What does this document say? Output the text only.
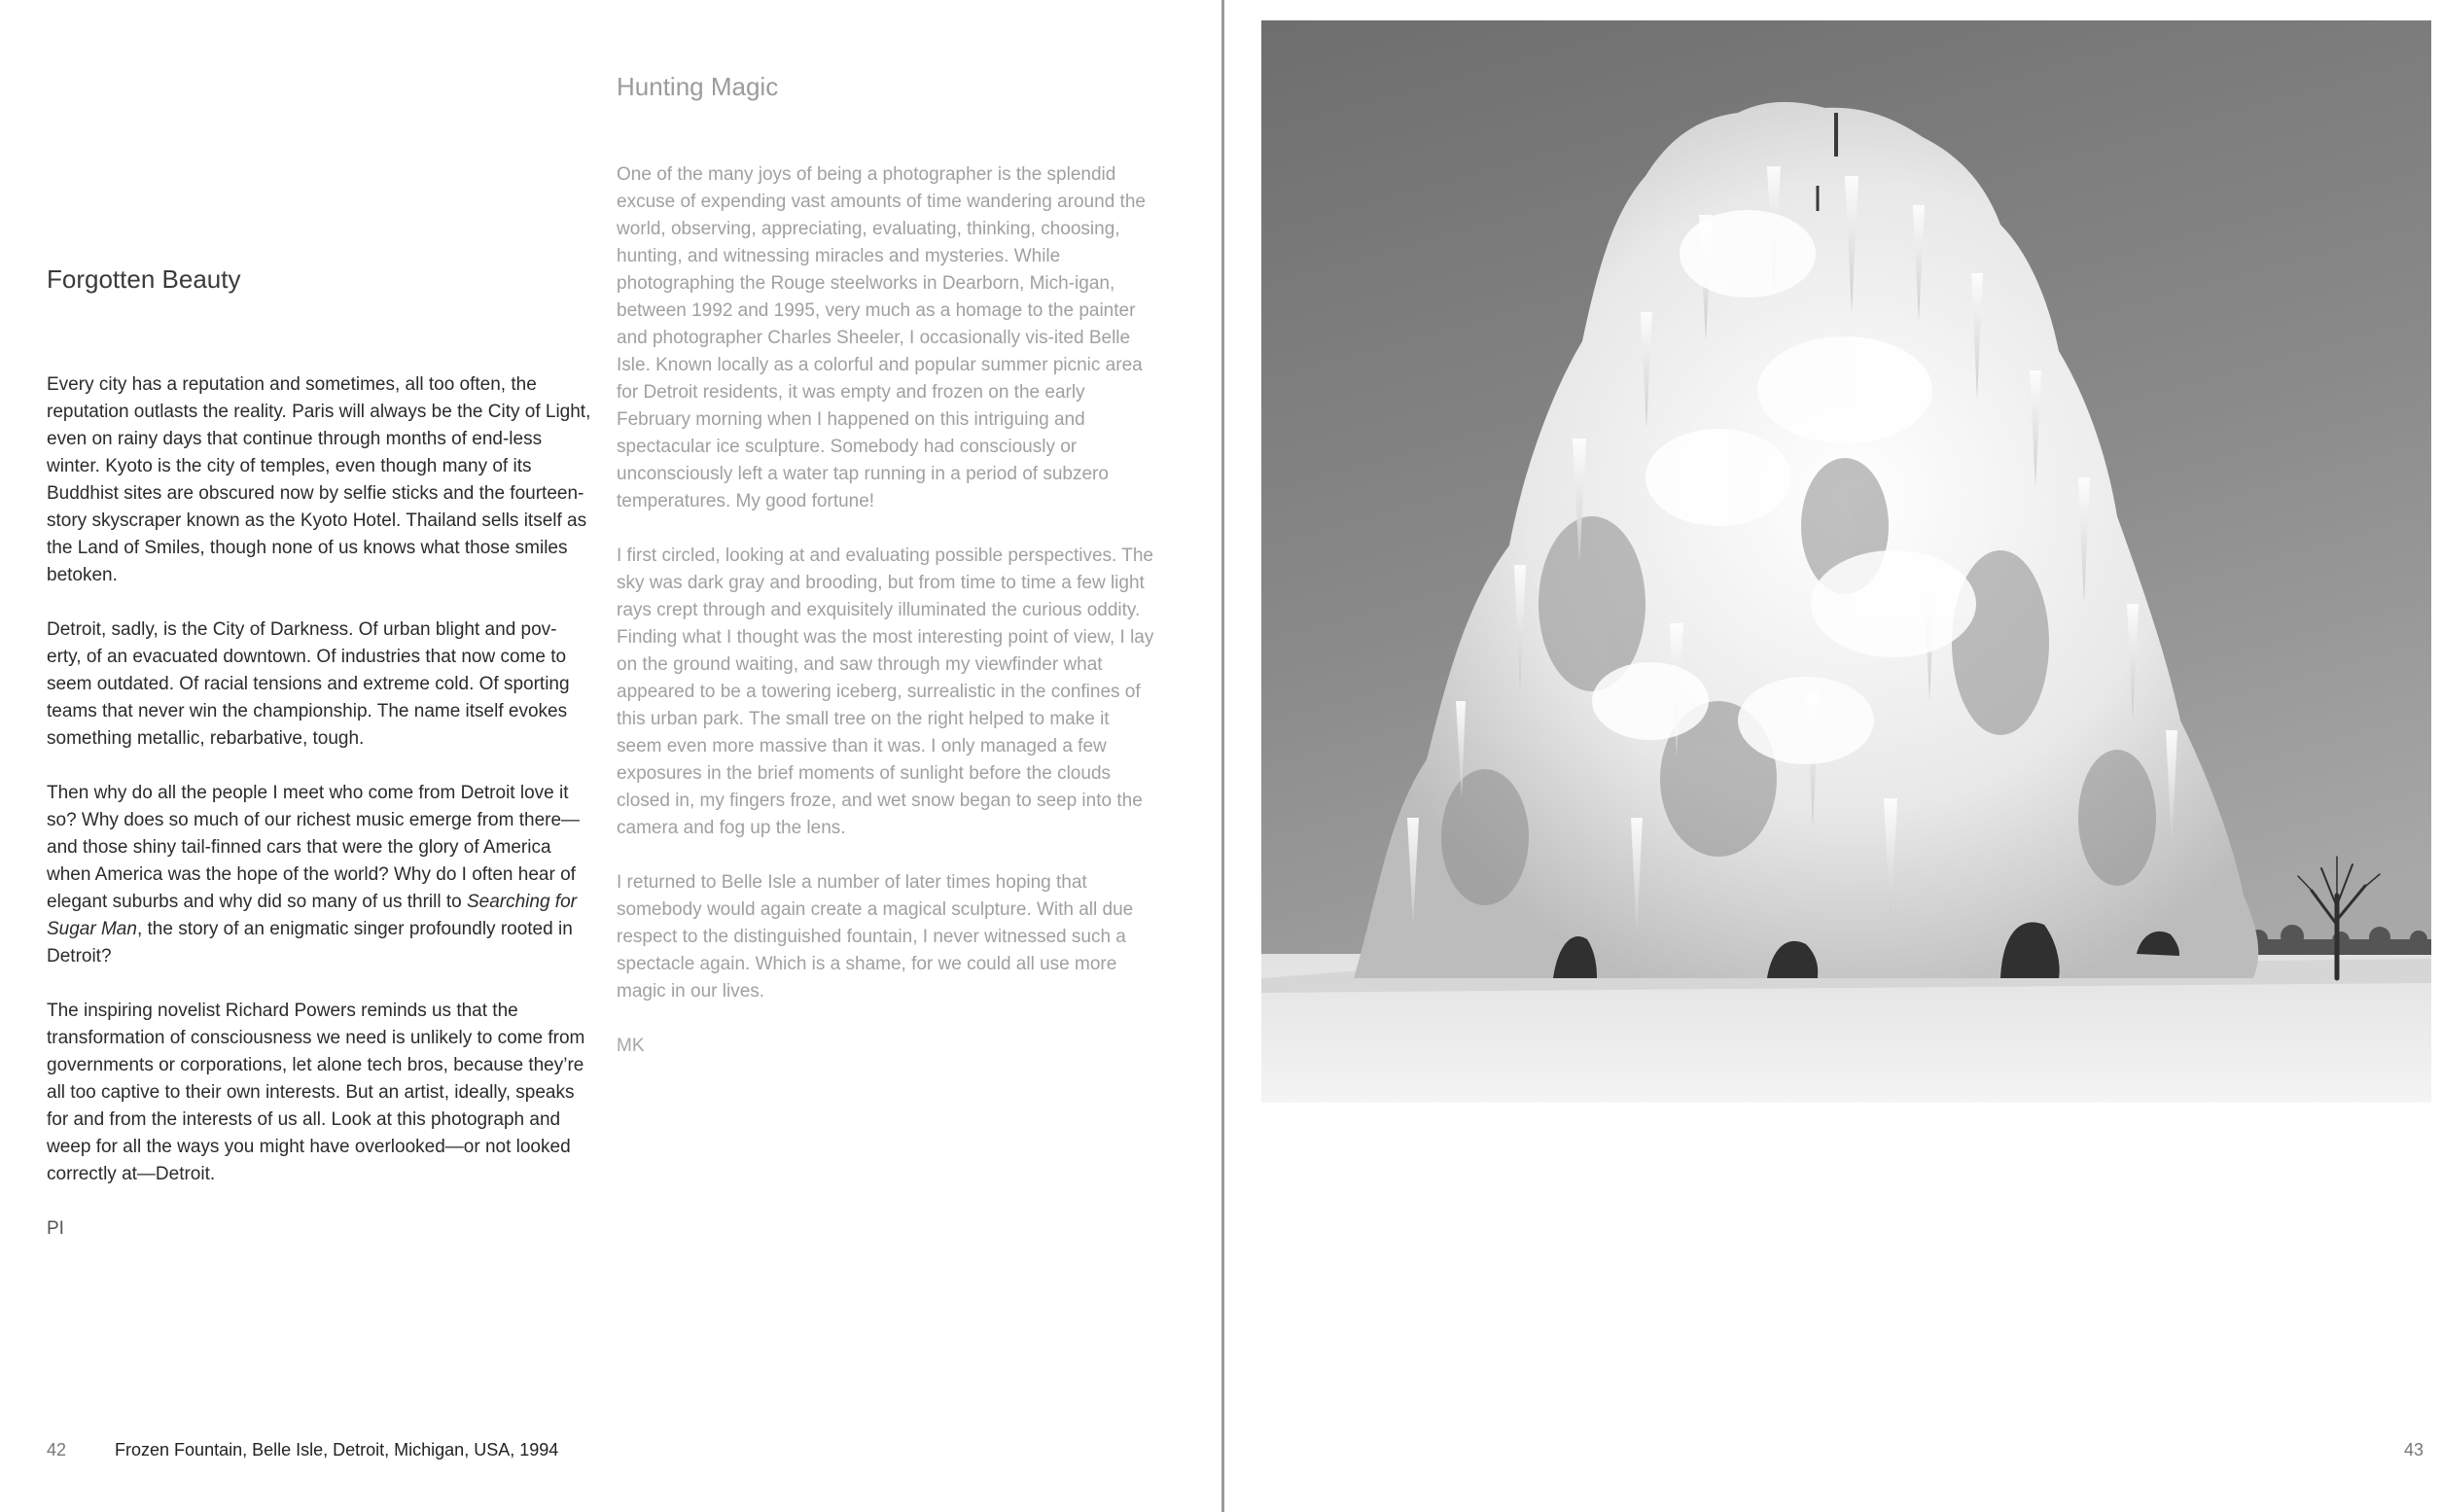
Forgotten Beauty

Every city has a reputation and sometimes, all too often, the reputation outlasts the reality. Paris will always be the City of Light, even on rainy days that continue through months of end-less winter. Kyoto is the city of temples, even though many of its Buddhist sites are obscured now by selfie sticks and the fourteen-story skyscraper known as the Kyoto Hotel. Thailand sells itself as the Land of Smiles, though none of us knows what those smiles betoken.

Detroit, sadly, is the City of Darkness. Of urban blight and pov-erty, of an evacuated downtown. Of industries that now come to seem outdated. Of racial tensions and extreme cold. Of sporting teams that never win the championship. The name itself evokes something metallic, rebarbative, tough.

Then why do all the people I meet who come from Detroit love it so? Why does so much of our richest music emerge from there—and those shiny tail-finned cars that were the glory of America when America was the hope of the world? Why do I often hear of elegant suburbs and why did so many of us thrill to Searching for Sugar Man, the story of an enigmatic singer profoundly rooted in Detroit?

The inspiring novelist Richard Powers reminds us that the transformation of consciousness we need is unlikely to come from governments or corporations, let alone tech bros, because they’re all too captive to their own interests. But an artist, ideally, speaks for and from the interests of us all. Look at this photograph and weep for all the ways you might have overlooked—or not looked correctly at—Detroit.

PI

Hunting Magic

One of the many joys of being a photographer is the splendid excuse of expending vast amounts of time wandering around the world, observing, appreciating, evaluating, thinking, choosing, hunting, and witnessing miracles and mysteries. While photographing the Rouge steelworks in Dearborn, Mich-igan, between 1992 and 1995, very much as a homage to the painter and photographer Charles Sheeler, I occasionally vis-ited Belle Isle. Known locally as a colorful and popular summer picnic area for Detroit residents, it was empty and frozen on the early February morning when I happened on this intriguing and spectacular ice sculpture. Somebody had consciously or unconsciously left a water tap running in a period of subzero temperatures. My good fortune!

I first circled, looking at and evaluating possible perspectives. The sky was dark gray and brooding, but from time to time a few light rays crept through and exquisitely illuminated the curious oddity. Finding what I thought was the most interesting point of view, I lay on the ground waiting, and saw through my viewfinder what appeared to be a towering iceberg, surrealistic in the confines of this urban park. The small tree on the right helped to make it seem even more massive than it was. I only managed a few exposures in the brief moments of sunlight before the clouds closed in, my fingers froze, and wet snow began to seep into the camera and fog up the lens.

I returned to Belle Isle a number of later times hoping that somebody would again create a magical sculpture. With all due respect to the distinguished fountain, I never witnessed such a spectacle again. Which is a shame, for we could all use more magic in our lives.

MK

42	Frozen Fountain, Belle Isle, Detroit, Michigan, USA, 1994	43
